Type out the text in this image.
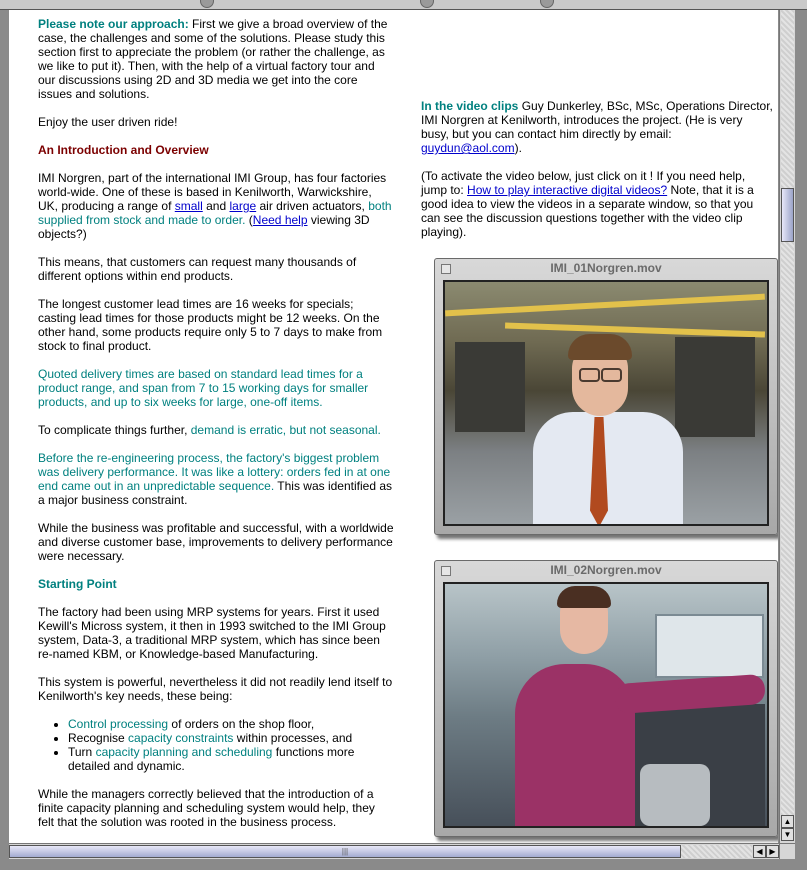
Please note our approach: First we give a broad overview of the case, the challenges and some of the solutions. Please study this section first to appreciate the problem (or rather the challenge, as we like to put it). Then, with the help of a virtual factory tour and our discussions using 2D and 3D media we get into the core issues and solutions.

Enjoy the user driven ride!

An Introduction and Overview

IMI Norgren, part of the international IMI Group, has four factories world-wide. One of these is based in Kenilworth, Warwickshire, UK, producing a range of small and large air driven actuators, both supplied from stock and made to order. (Need help viewing 3D objects?)

This means, that customers can request many thousands of different options within end products.

The longest customer lead times are 16 weeks for specials; casting lead times for those products might be 12 weeks. On the other hand, some products require only 5 to 7 days to make from stock to final product.

Quoted delivery times are based on standard lead times for a product range, and span from 7 to 15 working days for smaller products, and up to six weeks for large, one-off items.

To complicate things further, demand is erratic, but not seasonal.

Before the re-engineering process, the factory's biggest problem was delivery performance. It was like a lottery: orders fed in at one end came out in an unpredictable sequence. This was identified as a major business constraint.

While the business was profitable and successful, with a worldwide and diverse customer base, improvements to delivery performance were necessary.

Starting Point

The factory had been using MRP systems for years. First it used Kewill's Micross system, it then in 1993 switched to the IMI Group system, Data-3, a traditional MRP system, which has since been re-named KBM, or Knowledge-based Manufacturing.

This system is powerful, nevertheless it did not readily lend itself to Kenilworth's key needs, these being:

• Control processing of orders on the shop floor,
• Recognise capacity constraints within processes, and
• Turn capacity planning and scheduling functions more detailed and dynamic.

While the managers correctly believed that the introduction of a finite capacity planning and scheduling system would help, they felt that the solution was rooted in the business process.

In the video clips Guy Dunkerley, BSc, MSc, Operations Director, IMI Norgren at Kenilworth, introduces the project. (He is very busy, but you can contact him directly by email: guydun@aol.com).

(To activate the video below, just click on it ! If you need help, jump to: How to play interactive digital videos? Note, that it is a good idea to view the videos in a separate window, so that you can see the discussion questions together with the video clip playing).

IMI_01Norgren.mov
IMI_02Norgren.mov
▲
▼
|||	◀ ▶
